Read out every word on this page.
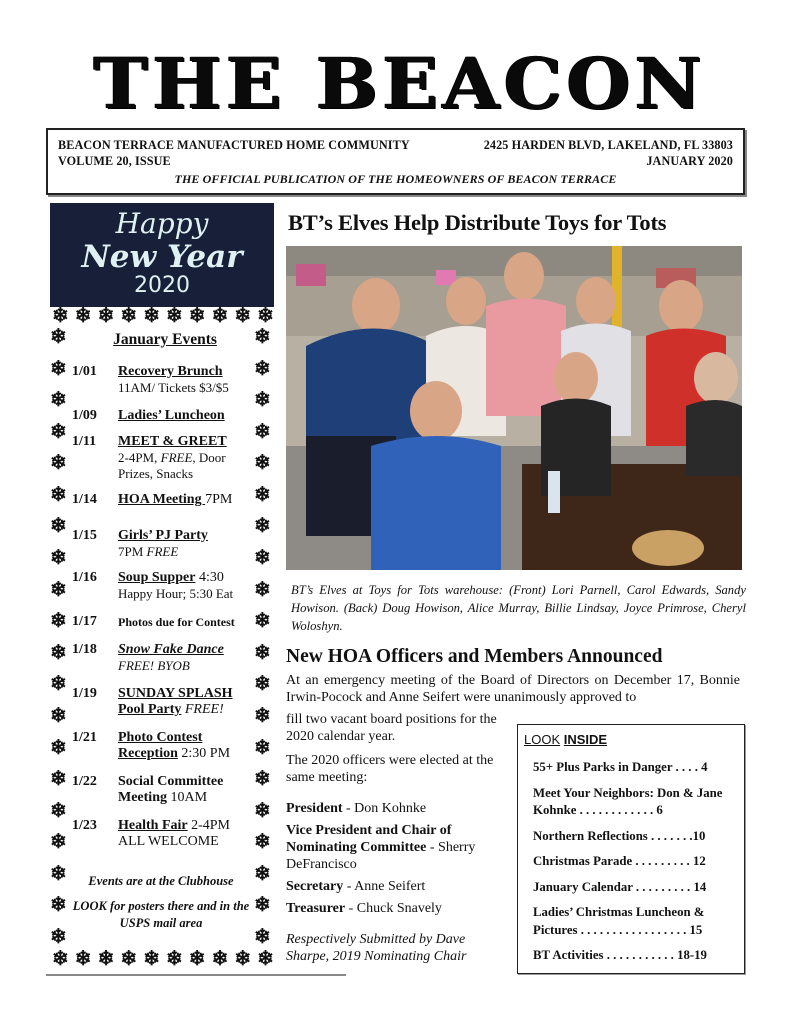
THE BEACON
BEACON TERRACE MANUFACTURED HOME COMMUNITY	2425 HARDEN BLVD, LAKELAND, FL 33803
VOLUME 20, ISSUE	JANUARY 2020
THE OFFICIAL PUBLICATION OF THE HOMEOWNERS OF BEACON TERRACE
Happy
New Year
2020
❄ ❄ ❄ ❄ ❄ ❄ ❄ ❄ ❄ ❄
❄
❄
❄
❄
❄
❄
❄
❄
❄
❄
❄
❄
❄
❄
❄
❄
❄
❄
❄
❄
❄
❄
❄
❄
❄
❄
❄
❄
❄
❄
❄
❄
❄
❄
❄
❄
❄
❄
❄
❄
❄ ❄ ❄ ❄ ❄ ❄ ❄ ❄ ❄ ❄
January Events
1/01 Recovery Brunch
11AM/ Tickets $3/$5
1/09 Ladies’ Luncheon
1/11 MEET & GREET
2-4PM, FREE, Door Prizes, Snacks
1/14 HOA Meeting 7PM
1/15 Girls’ PJ Party
7PM FREE
1/16 Soup Supper 4:30
Happy Hour; 5:30 Eat
1/17 Photos due for Contest
1/18 Snow Fake Dance
FREE! BYOB
1/19 SUNDAY SPLASH
Pool Party FREE!
1/21 Photo Contest
Reception 2:30 PM
1/22 Social Committee
Meeting 10AM
1/23 Health Fair 2-4PM
ALL WELCOME
Events are at the Clubhouse
LOOK for posters there and in the USPS mail area
BT’s Elves Help Distribute Toys for Tots
BT’s Elves at Toys for Tots warehouse: (Front) Lori Parnell, Carol Edwards, Sandy Howison. (Back) Doug Howison, Alice Murray, Billie Lindsay, Joyce Primrose, Cheryl Woloshyn.
New HOA Officers and Members Announced
At an emergency meeting of the Board of Directors on December 17, Bonnie Irwin-Pocock and Anne Seifert were unanimously approved to

fill two vacant board positions for the 2020 calendar year.

The 2020 officers were elected at the same meeting:

President - Don Kohnke

Vice President and Chair of Nominating Committee - Sherry DeFrancisco

Secretary - Anne Seifert

Treasurer - Chuck Snavely

Respectively Submitted by Dave Sharpe, 2019 Nominating Chair

LOOK INSIDE
55+ Plus Parks in Danger . . . . 4
Meet Your Neighbors: Don & Jane Kohnke . . . . . . . . . . . . 6
Northern Reflections . . . . . . .10
Christmas Parade . . . . . . . . . 12
January Calendar . . . . . . . . . 14
Ladies’ Christmas Luncheon & Pictures . . . . . . . . . . . . . . . . . 15
BT Activities . . . . . . . . . . . 18-19
